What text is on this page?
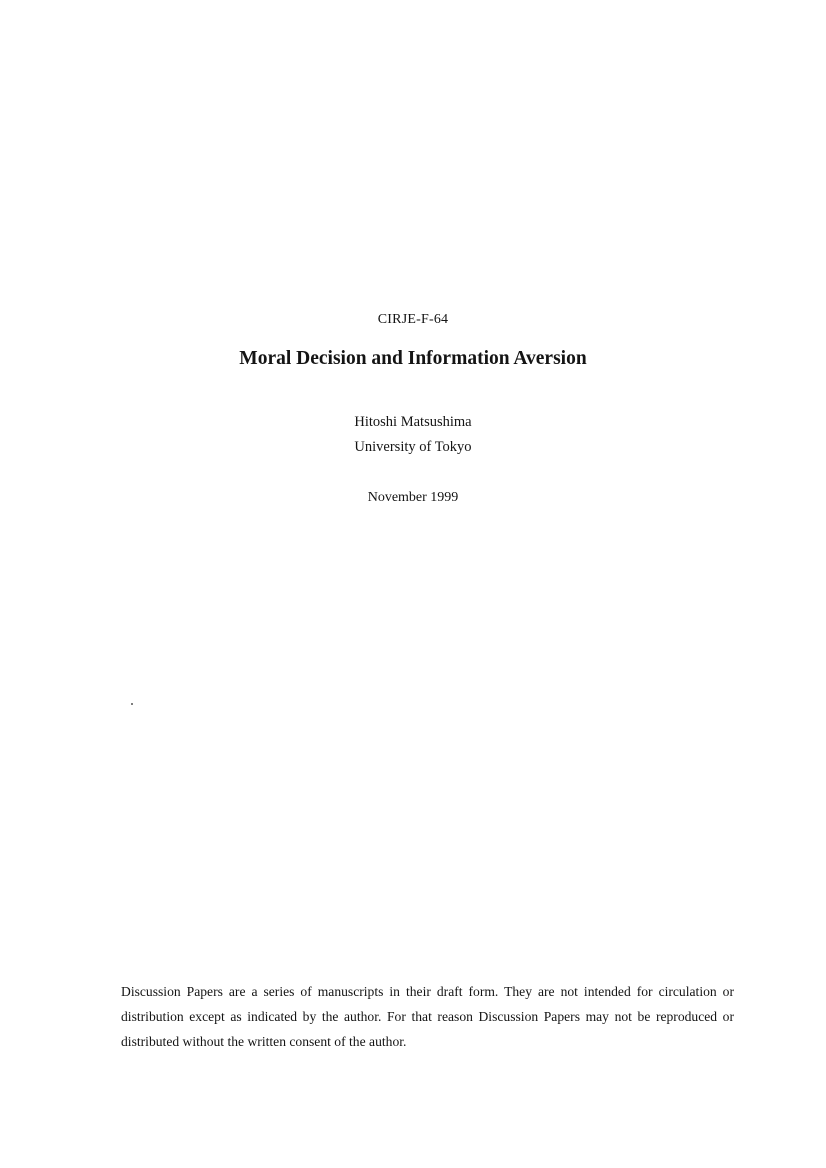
CIRJE-F-64
Moral Decision and Information Aversion
Hitoshi Matsushima
University of Tokyo
November 1999
Discussion Papers are a series of manuscripts in their draft form. They are not intended for circulation or distribution except as indicated by the author. For that reason Discussion Papers may not be reproduced or distributed without the written consent of the author.
